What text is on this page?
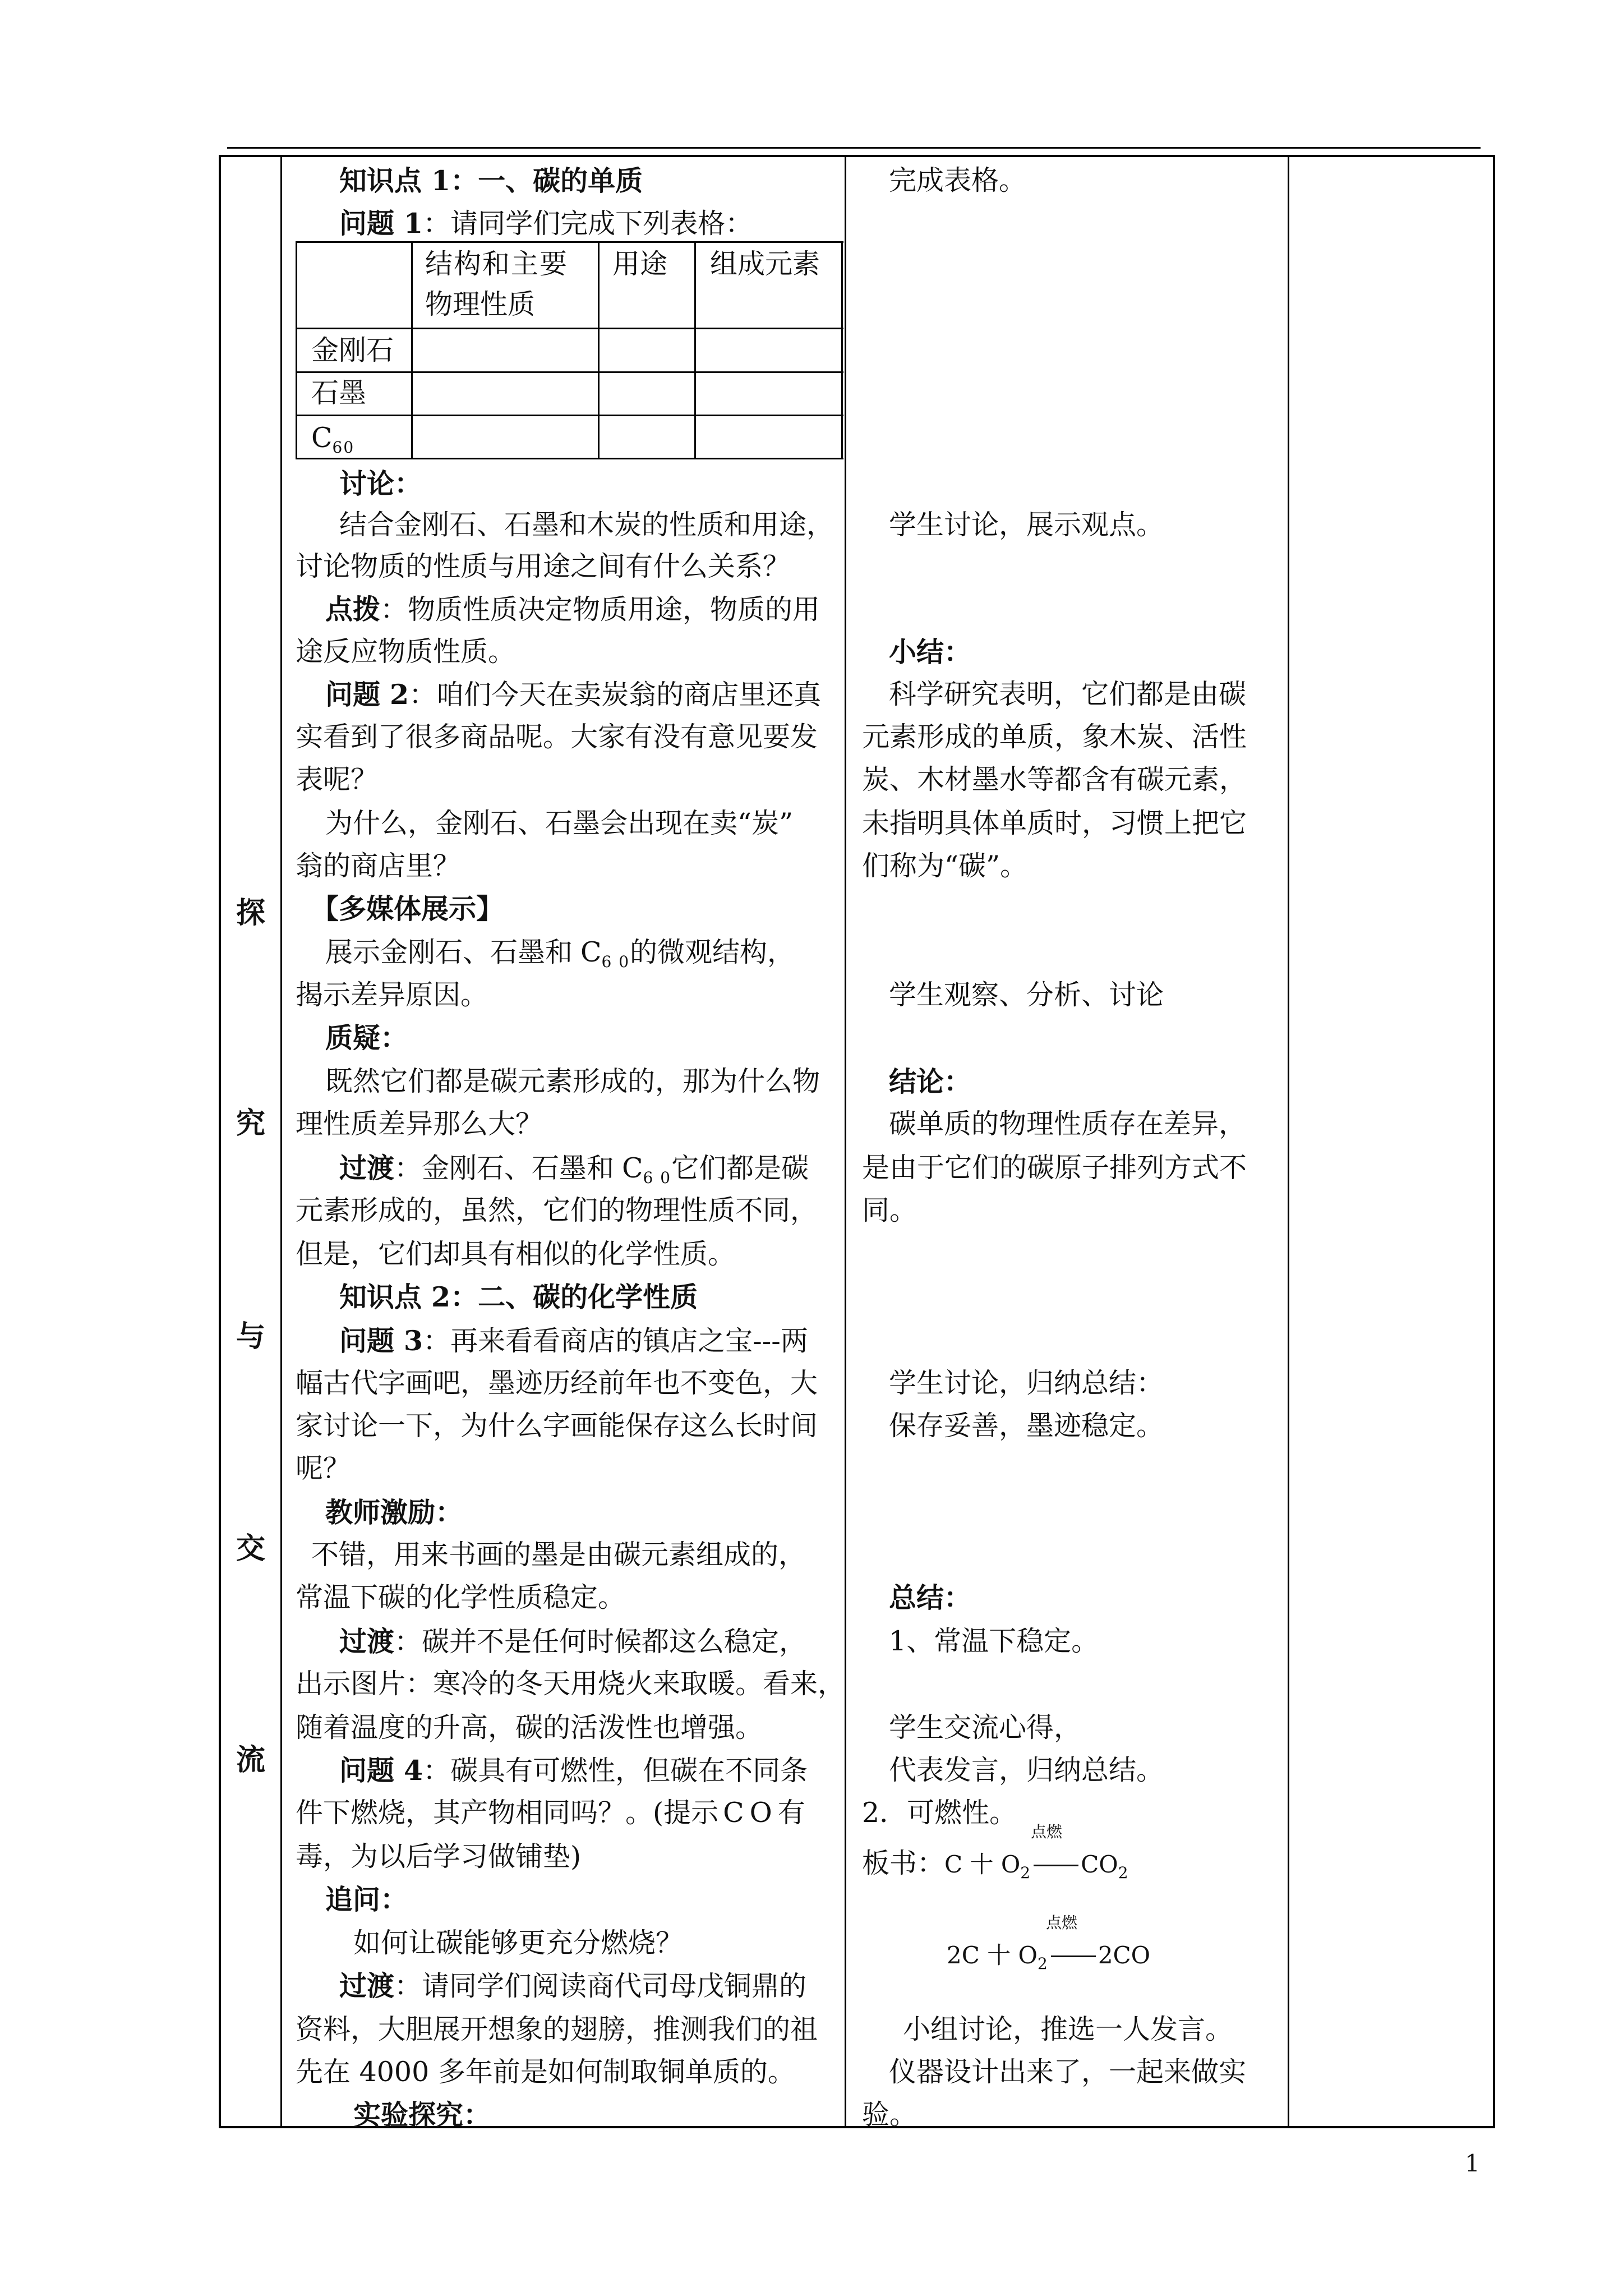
探
究
与
交
流
知识点 1：一、碳的单质
问题 1：请同学们完成下列表格：
结构和主要
物理性质
用途 组成元素
金刚石
石墨
$C_{60}$
讨论：
结合金刚石、石墨和木炭的性质和用途，
讨论物质的性质与用途之间有什么关系？
点拨：物质性质决定物质用途，物质的用
途反应物质性质。
问题 2：咱们今天在卖炭翁的商店里还真
实看到了很多商品呢。大家有没有意见要发
表呢？
为什么，金刚石、石墨会出现在卖“炭”
翁的商店里？
【多媒体展示】
展示金刚石、石墨和 $C_{6 0}$的微观结构，
揭示差异原因。
质疑：
既然它们都是碳元素形成的，那为什么物
理性质差异那么大？
过渡：金刚石、石墨和 $C_{6 0}$它们都是碳
元素形成的，虽然，它们的物理性质不同，
但是，它们却具有相似的化学性质。
知识点 2：二、碳的化学性质
问题 3：再来看看商店的镇店之宝---两
幅古代字画吧，墨迹历经前年也不变色，大
家讨论一下，为什么字画能保存这么长时间
呢？
教师激励：
不错，用来书画的墨是由碳元素组成的，
常温下碳的化学性质稳定。
过渡：碳并不是任何时候都这么稳定，
出示图片：寒冷的冬天用烧火来取暖。看来，
随着温度的升高，碳的活泼性也增强。
问题 4：碳具有可燃性，但碳在不同条
件下燃烧，其产物相同吗？。(提示 CO有
毒，为以后学习做铺垫)
追问：
如何让碳能够更充分燃烧？
过渡：请同学们阅读商代司母戊铜鼎的
资料，大胆展开想象的翅膀，推测我们的祖
先在 4000 多年前是如何制取铜单质的。
实验探究：
完成表格。
学生讨论，展示观点。
小结：
科学研究表明，它们都是由碳
元素形成的单质，象木炭、活性
炭、木材墨水等都含有碳元素，
未指明具体单质时，习惯上把它
们称为“碳”。
学生观察、分析、讨论
结论：
碳单质的物理性质存在差异，
是由于它们的碳原子排列方式不
同。
学生讨论，归纳总结：
保存妥善，墨迹稳定。
总结：
1、常温下稳定。
学生交流心得，
代表发言，归纳总结。
2．可燃性。
点燃
板书：C 十 $O_2$ $CO_2$
点燃
2C 十 $O_2$ 2CO
小组讨论，推选一人发言。
仪器设计出来了，一起来做实
验。
1
